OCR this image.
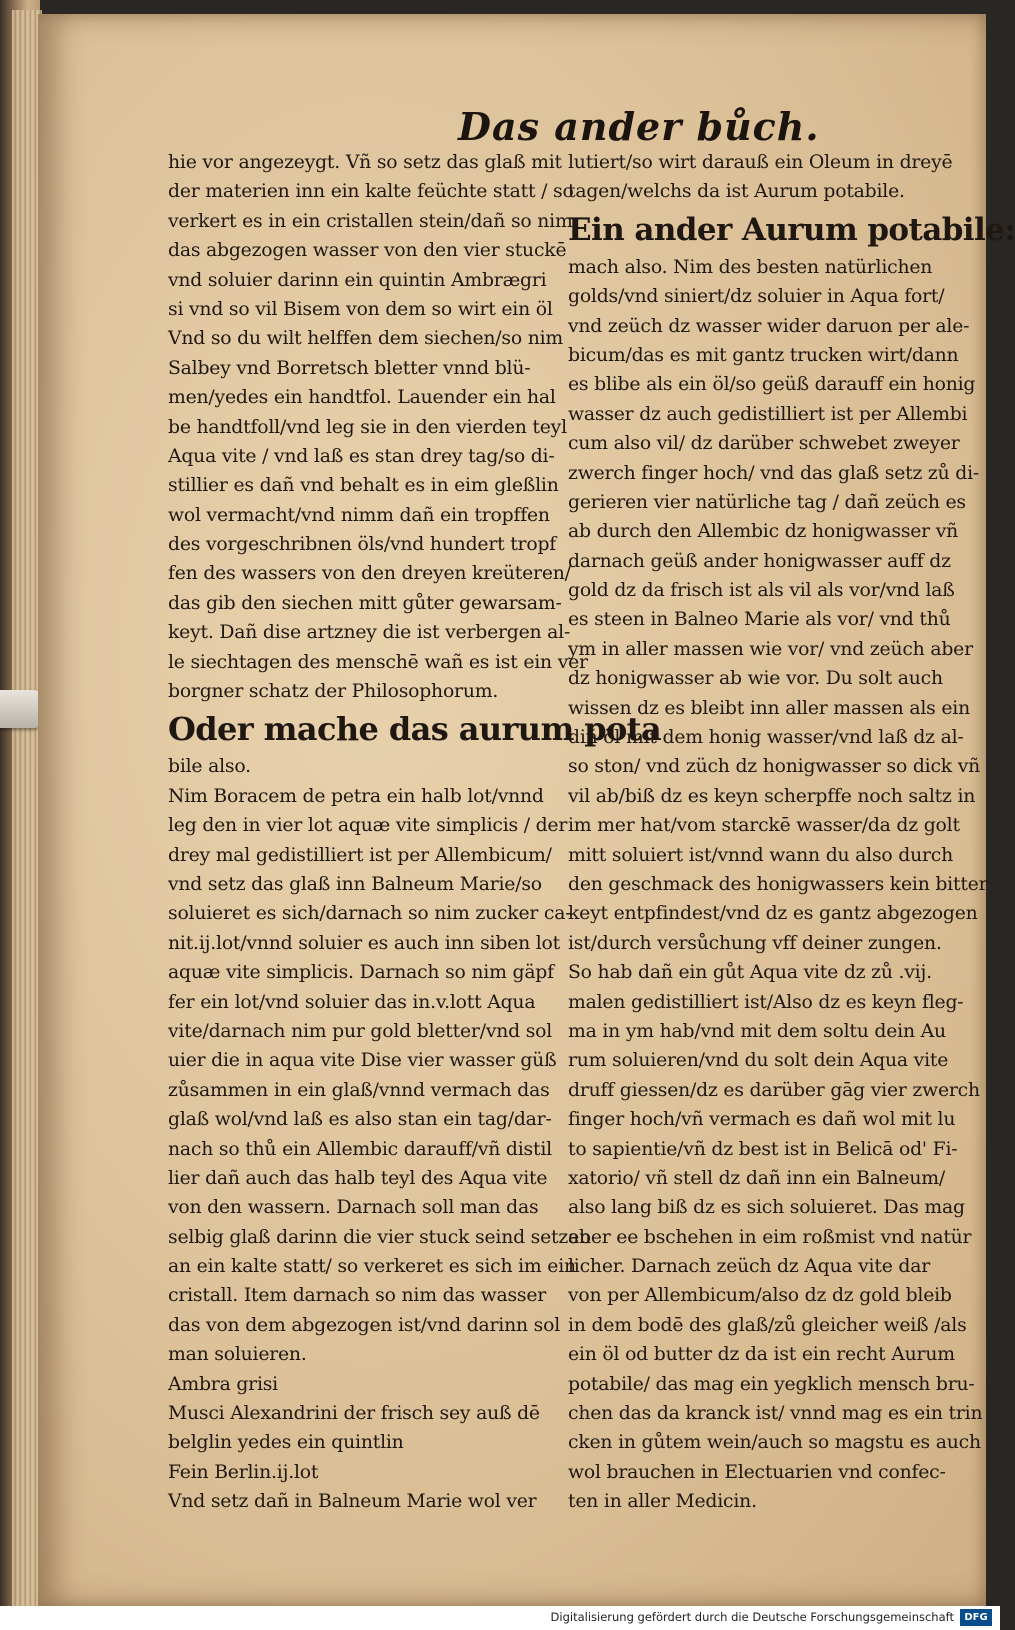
Das ander bůch.
hie vor angezeygt. Vñ so setz das glaß mit
der materien inn ein kalte feüchte statt / so
verkert es in ein cristallen stein/dañ so nim
das abgezogen wasser von den vier stuckē
vnd soluier darinn ein quintin Ambrægri
si vnd so vil Bisem von dem so wirt ein öl
Vnd so du wilt helffen dem siechen/so nim
Salbey vnd Borretsch bletter vnnd blü-
men/yedes ein handtfol. Lauender ein hal
be handtfoll/vnd leg sie in den vierden teyl
Aqua vite / vnd laß es stan drey tag/so di-
stillier es dañ vnd behalt es in eim gleßlin
wol vermacht/vnd nimm dañ ein tropffen
des vorgeschribnen öls/vnd hundert tropf
fen des wassers von den dreyen kreüteren/
das gib den siechen mitt gůter gewarsam-
keyt. Dañ dise artzney die ist verbergen al-
le siechtagen des menschē wañ es ist ein ver
borgner schatz der Philosophorum.
Oder mache das aurum pota
bile also.
Nim Boracem de petra ein halb lot/vnnd
leg den in vier lot aquæ vite simplicis / der
drey mal gedistilliert ist per Allembicum/
vnd setz das glaß inn Balneum Marie/so
soluieret es sich/darnach so nim zucker ca-
nit.ij.lot/vnnd soluier es auch inn siben lot
aquæ vite simplicis. Darnach so nim gäpf
fer ein lot/vnd soluier das in.v.lott Aqua
vite/darnach nim pur gold bletter/vnd sol
uier die in aqua vite Dise vier wasser güß
zůsammen in ein glaß/vnnd vermach das
glaß wol/vnd laß es also stan ein tag/dar-
nach so thů ein Allembic darauff/vñ distil
lier dañ auch das halb teyl des Aqua vite
von den wassern. Darnach soll man das
selbig glaß darinn die vier stuck seind setzen
an ein kalte statt/ so verkeret es sich im ein
cristall. Item darnach so nim das wasser
das von dem abgezogen ist/vnd darinn sol
man soluieren.
Ambra grisi
Musci Alexandrini der frisch sey auß dē
belglin yedes ein quintlin
Fein Berlin.ij.lot
Vnd setz dañ in Balneum Marie wol ver
lutiert/so wirt darauß ein Oleum in dreyē
tagen/welchs da ist Aurum potabile.
Ein ander Aurum potabile:
mach also. Nim des besten natürlichen
golds/vnd siniert/dz soluier in Aqua fort/
vnd zeüch dz wasser wider daruon per ale-
bicum/das es mit gantz trucken wirt/dann
es blibe als ein öl/so geüß darauff ein honig
wasser dz auch gedistilliert ist per Allembi
cum also vil/ dz darüber schwebet zweyer
zwerch finger hoch/ vnd das glaß setz zů di-
gerieren vier natürliche tag / dañ zeüch es
ab durch den Allembic dz honigwasser vñ
darnach geüß ander honigwasser auff dz
gold dz da frisch ist als vil als vor/vnd laß
es steen in Balneo Marie als vor/ vnd thů
ym in aller massen wie vor/ vnd zeüch aber
dz honigwasser ab wie vor. Du solt auch
wissen dz es bleibt inn aller massen als ein
diñ öl mit dem honig wasser/vnd laß dz al-
so ston/ vnd züch dz honigwasser so dick vñ
vil ab/biß dz es keyn scherpffe noch saltz in
im mer hat/vom starckē wasser/da dz golt
mitt soluiert ist/vnnd wann du also durch
den geschmack des honigwassers kein bitter
keyt entpfindest/vnd dz es gantz abgezogen
ist/durch versůchung vff deiner zungen.
So hab dañ ein gůt Aqua vite dz zů .vij.
malen gedistilliert ist/Also dz es keyn fleg-
ma in ym hab/vnd mit dem soltu dein Au
rum soluieren/vnd du solt dein Aqua vite
druff giessen/dz es darüber gāg vier zwerch
finger hoch/vñ vermach es dañ wol mit lu
to sapientie/vñ dz best ist in Belicā od' Fi-
xatorio/ vñ stell dz dañ inn ein Balneum/
also lang biß dz es sich soluieret. Das mag
aber ee bschehen in eim roßmist vnd natür
licher. Darnach zeüch dz Aqua vite dar
von per Allembicum/also dz dz gold bleib
in dem bodē des glaß/zů gleicher weiß /als
ein öl od butter dz da ist ein recht Aurum
potabile/ das mag ein yegklich mensch bru-
chen das da kranck ist/ vnnd mag es ein trin
cken in gůtem wein/auch so magstu es auch
wol brauchen in Electuarien vnd confec-
ten in aller Medicin.
Digitalisierung gefördert durch die Deutsche Forschungsgemeinschaft	DFG
